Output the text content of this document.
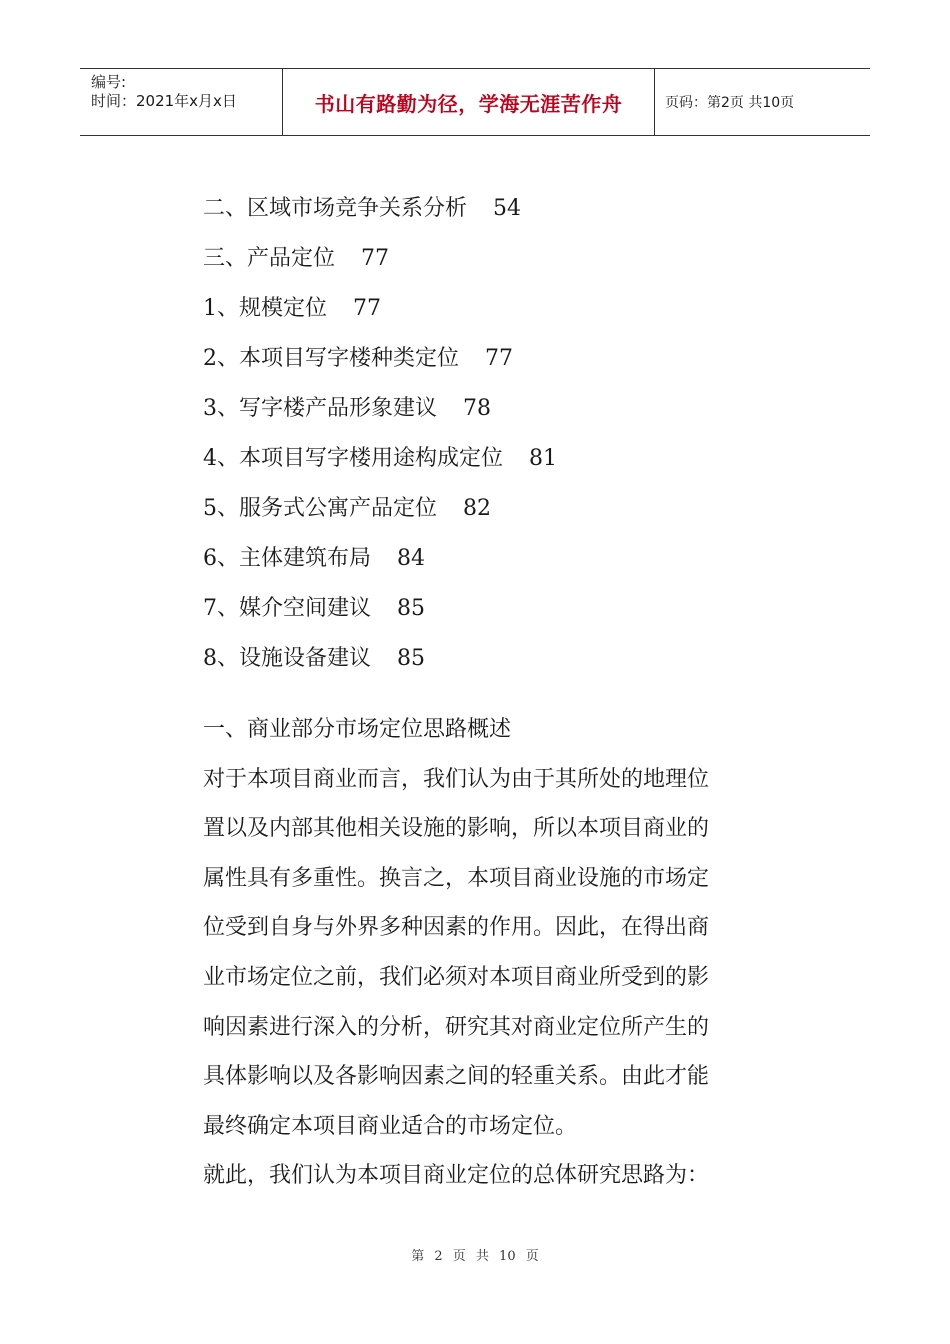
编号:
时间：2021年x月x日	书山有路勤为径，学海无涯苦作舟	页码：第2页 共10页
二、区域市场竞争关系分析 54
三、产品定位 77
1、规模定位 77
2、本项目写字楼种类定位 77
3、写字楼产品形象建议 78
4、本项目写字楼用途构成定位 81
5、服务式公寓产品定位 82
6、主体建筑布局 84
7、媒介空间建议 85
8、设施设备建议 85

一、商业部分市场定位思路概述

对于本项目商业而言，我们认为由于其所处的地理位

置以及内部其他相关设施的影响，所以本项目商业的

属性具有多重性。换言之，本项目商业设施的市场定

位受到自身与外界多种因素的作用。因此，在得出商

业市场定位之前，我们必须对本项目商业所受到的影

响因素进行深入的分析，研究其对商业定位所产生的

具体影响以及各影响因素之间的轻重关系。由此才能

最终确定本项目商业适合的市场定位。

就此，我们认为本项目商业定位的总体研究思路为：

第 2 页 共 10 页
